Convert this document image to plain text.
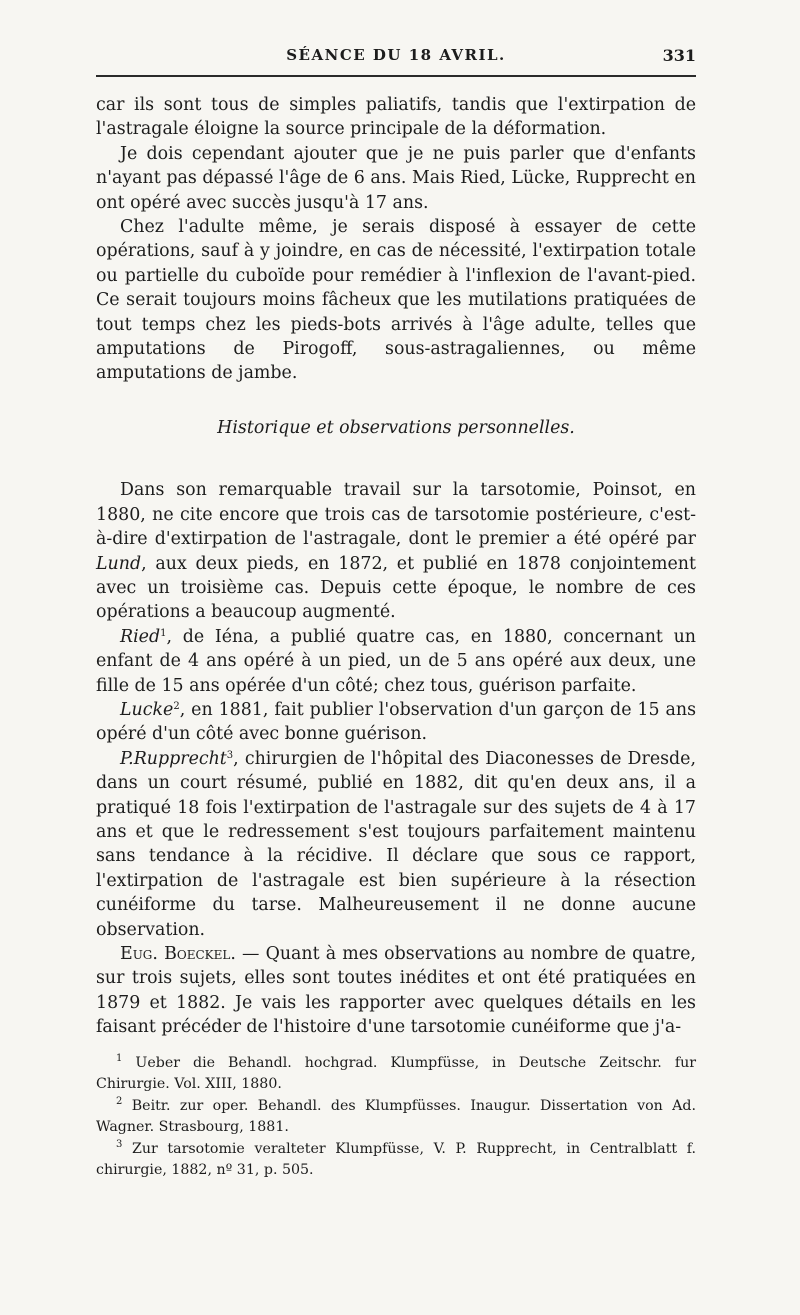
SÉANCE DU 18 AVRIL.	331

car ils sont tous de simples paliatifs, tandis que l'extirpation de l'astragale éloigne la source principale de la déformation.

Je dois cependant ajouter que je ne puis parler que d'enfants n'ayant pas dépassé l'âge de 6 ans. Mais Ried, Lücke, Rupprecht en ont opéré avec succès jusqu'à 17 ans.

Chez l'adulte même, je serais disposé à essayer de cette opérations, sauf à y joindre, en cas de nécessité, l'extirpation totale ou partielle du cuboïde pour remédier à l'inflexion de l'avant-pied. Ce serait toujours moins fâcheux que les mutilations pratiquées de tout temps chez les pieds-bots arrivés à l'âge adulte, telles que amputations de Pirogoff, sous-astragaliennes, ou même amputations de jambe.

Historique et observations personnelles.

Dans son remarquable travail sur la tarsotomie, Poinsot, en 1880, ne cite encore que trois cas de tarsotomie postérieure, c'est-à-dire d'extirpation de l'astragale, dont le premier a été opéré par Lund, aux deux pieds, en 1872, et publié en 1878 conjointement avec un troisième cas. Depuis cette époque, le nombre de ces opérations a beaucoup augmenté.

Ried$^1$, de Iéna, a publié quatre cas, en 1880, concernant un enfant de 4 ans opéré à un pied, un de 5 ans opéré aux deux, une fille de 15 ans opérée d'un côté; chez tous, guérison parfaite.

Lucke$^2$, en 1881, fait publier l'observation d'un garçon de 15 ans opéré d'un côté avec bonne guérison.

P.Rupprecht$^3$, chirurgien de l'hôpital des Diaconesses de Dresde, dans un court résumé, publié en 1882, dit qu'en deux ans, il a pratiqué 18 fois l'extirpation de l'astragale sur des sujets de 4 à 17 ans et que le redressement s'est toujours parfaitement maintenu sans tendance à la récidive. Il déclare que sous ce rapport, l'extirpation de l'astragale est bien supérieure à la résection cunéiforme du tarse. Malheureusement il ne donne aucune observation.

Eug. Boeckel. — Quant à mes observations au nombre de quatre, sur trois sujets, elles sont toutes inédites et ont été pratiquées en 1879 et 1882. Je vais les rapporter avec quelques détails en les faisant précéder de l'histoire d'une tarsotomie cunéiforme que j'a-

$^1$ Ueber die Behandl. hochgrad. Klumpfüsse, in Deutsche Zeitschr. fur Chirurgie. Vol. XIII, 1880.

$^2$ Beitr. zur oper. Behandl. des Klumpfüsses. Inaugur. Dissertation von Ad. Wagner. Strasbourg, 1881.

$^3$ Zur tarsotomie veralteter Klumpfüsse, V. P. Rupprecht, in Centralblatt f. chirurgie, 1882, nº 31, p. 505.
